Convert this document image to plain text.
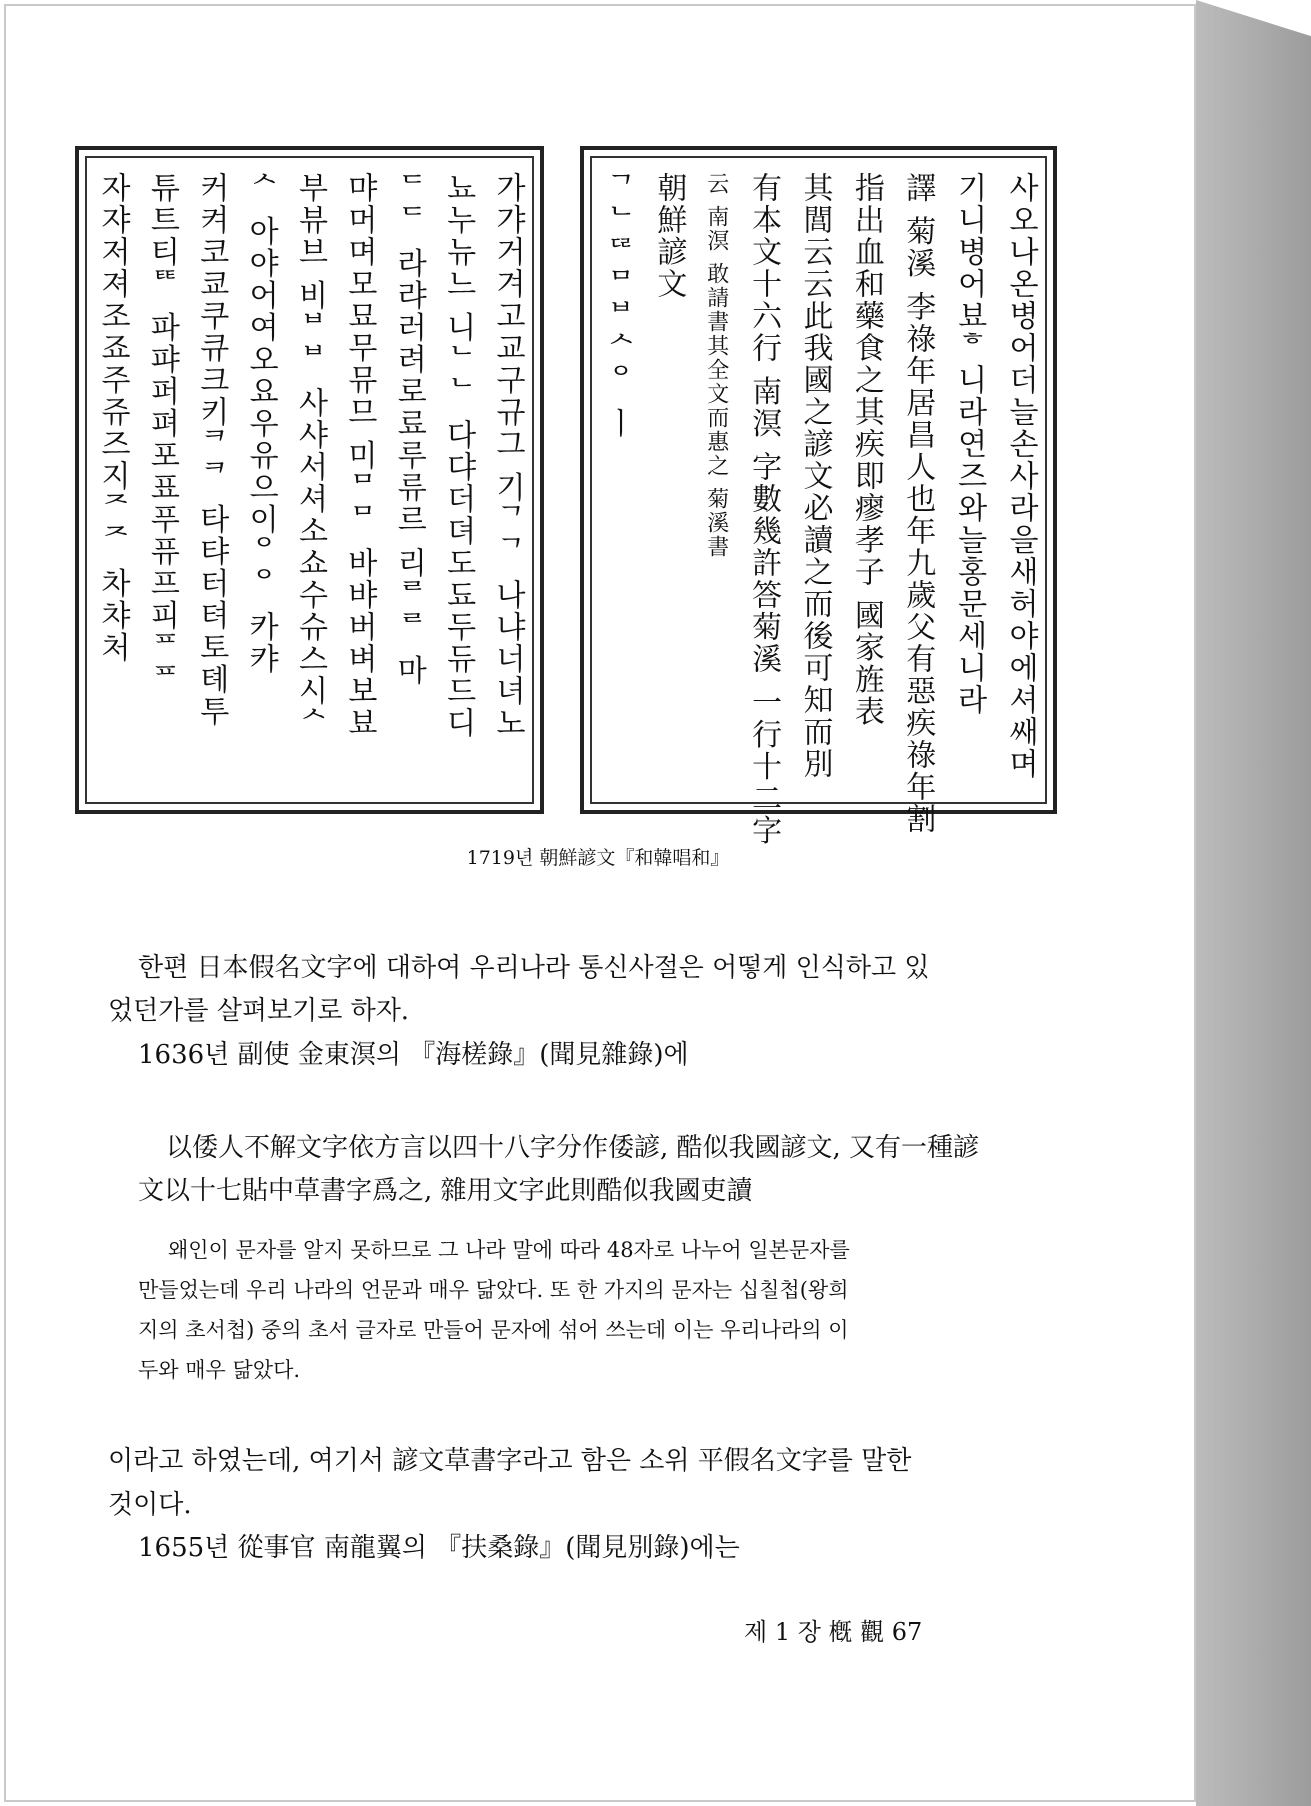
가갸거겨고교구규그 기ᄀᄀ 나냐너녀노
뇨누뉴느 니ᄂᄂ 다댜더뎌도됴두듀드디
ᄃᄃ 라랴러려로료루류르 리ᄅᄅ 마
먀머며모묘무뮤므 미ᄆᄆ 바뱌버벼보뵤
부뷰브 비ᄇᄇ 사샤서셔소쇼수슈스시ᄉ
ᄉ 아야어여오요우유으이ᄋᄋ 카캬
커켜코쿄쿠큐크키ᄏᄏ 타탸터텨토톄투
튜트티ᄐᄐ 파퍄퍼펴포표푸퓨프피ᄑᄑ
자쟈저져조죠주쥬즈지ᄌᄌ 차챠처	사오나온병어더늘손사라을새허야에셔쌔며
기니병어뵤ᄒ니라연즈와늘홍문세니라
譯 菊溪 李祿年居昌人也年九歲父有惡疾祿年割
指出血和藥食之其疾即瘳孝子 國家旌表
其閭云云此我國之諺文必讀之而後可知而別
有本文十六行 南溟 字數幾許答菊溪 一行十二字
云 南溟 敢請書其全文而惠之 菊溪書
朝鮮諺文
ᄀᄂᄃᄅᄆᄇᄉᄋ ㅣ
1719년 朝鮮諺文『和韓唱和』
한편 日本假名文字에 대하여 우리나라 통신사절은 어떻게 인식하고 있
었던가를 살펴보기로 하자.
1636년 副使 金東溟의 『海槎錄』(聞見雜錄)에
以倭人不解文字依方言以四十八字分作倭諺, 酷似我國諺文, 又有一種諺
文以十七貼中草書字爲之, 雜用文字此則酷似我國吏讀
왜인이 문자를 알지 못하므로 그 나라 말에 따라 48자로 나누어 일본문자를
만들었는데 우리 나라의 언문과 매우 닮았다. 또 한 가지의 문자는 십칠첩(왕희
지의 초서첩) 중의 초서 글자로 만들어 문자에 섞어 쓰는데 이는 우리나라의 이
두와 매우 닮았다.
이라고 하였는데, 여기서 諺文草書字라고 함은 소위 平假名文字를 말한
것이다.
1655년 從事官 南龍翼의 『扶桑錄』(聞見別錄)에는
제 1 장 槪 觀 67
